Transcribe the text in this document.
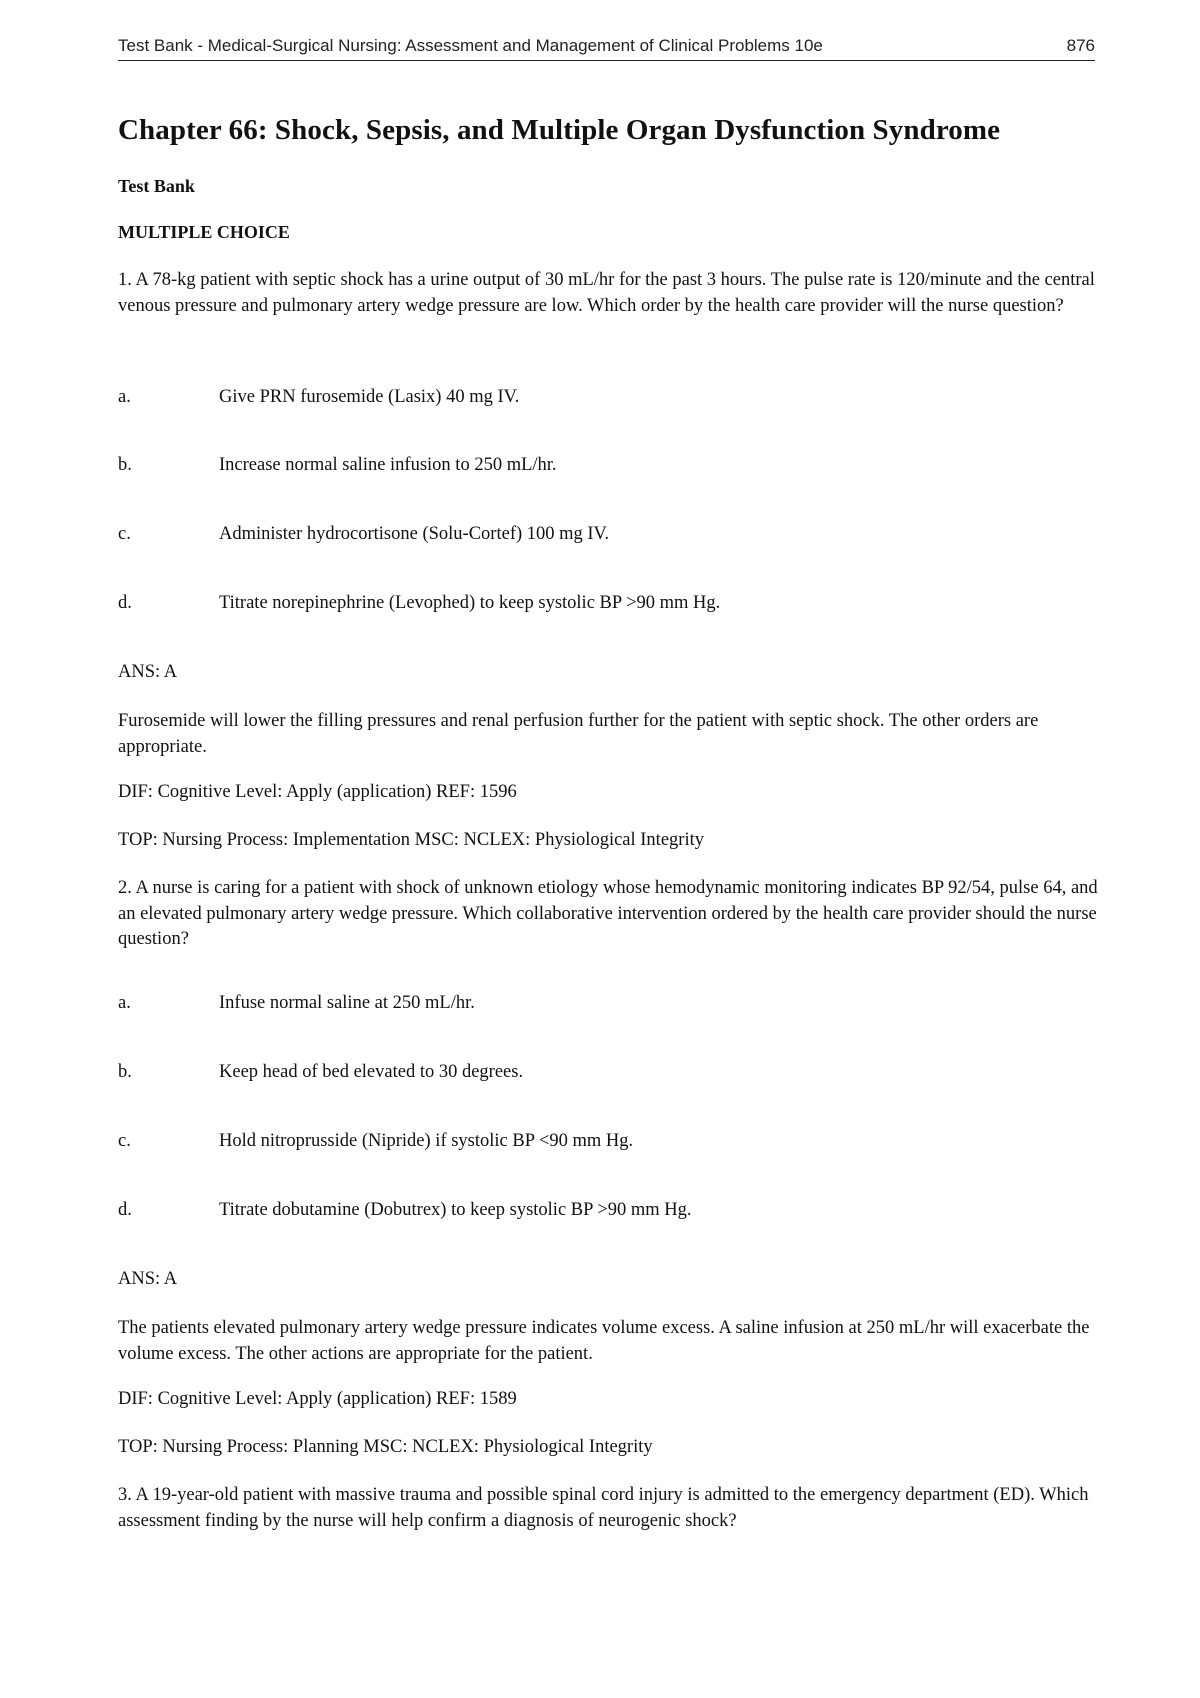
Test Bank - Medical-Surgical Nursing: Assessment and Management of Clinical Problems 10e	876
Chapter 66: Shock, Sepsis, and Multiple Organ Dysfunction Syndrome
Test Bank
MULTIPLE CHOICE
1. A 78-kg patient with septic shock has a urine output of 30 mL/hr for the past 3 hours. The pulse rate is 120/minute and the central venous pressure and pulmonary artery wedge pressure are low. Which order by the health care provider will the nurse question?
a.	Give PRN furosemide (Lasix) 40 mg IV.
b.	Increase normal saline infusion to 250 mL/hr.
c.	Administer hydrocortisone (Solu-Cortef) 100 mg IV.
d.	Titrate norepinephrine (Levophed) to keep systolic BP >90 mm Hg.
ANS: A
Furosemide will lower the filling pressures and renal perfusion further for the patient with septic shock. The other orders are appropriate.
DIF: Cognitive Level: Apply (application) REF: 1596
TOP: Nursing Process: Implementation MSC: NCLEX: Physiological Integrity
2. A nurse is caring for a patient with shock of unknown etiology whose hemodynamic monitoring indicates BP 92/54, pulse 64, and an elevated pulmonary artery wedge pressure. Which collaborative intervention ordered by the health care provider should the nurse question?
a.	Infuse normal saline at 250 mL/hr.
b.	Keep head of bed elevated to 30 degrees.
c.	Hold nitroprusside (Nipride) if systolic BP <90 mm Hg.
d.	Titrate dobutamine (Dobutrex) to keep systolic BP >90 mm Hg.
ANS: A
The patients elevated pulmonary artery wedge pressure indicates volume excess. A saline infusion at 250 mL/hr will exacerbate the volume excess. The other actions are appropriate for the patient.
DIF: Cognitive Level: Apply (application) REF: 1589
TOP: Nursing Process: Planning MSC: NCLEX: Physiological Integrity
3. A 19-year-old patient with massive trauma and possible spinal cord injury is admitted to the emergency department (ED). Which assessment finding by the nurse will help confirm a diagnosis of neurogenic shock?
